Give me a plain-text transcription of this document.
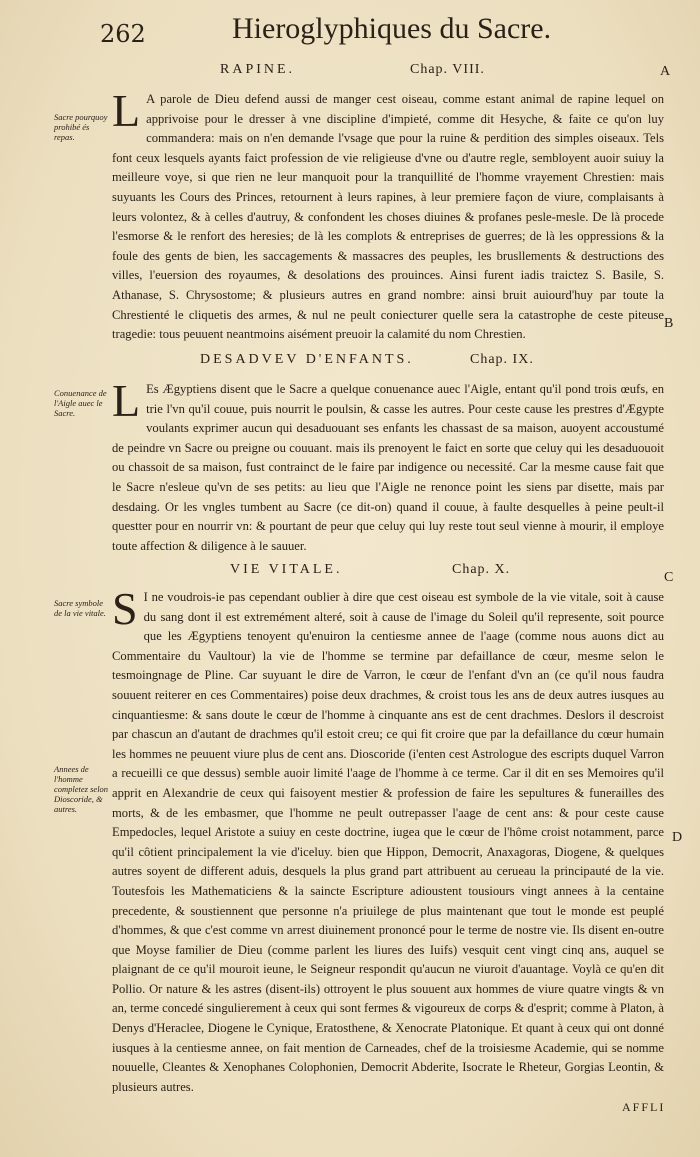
262	Hieroglyphiques du Sacre.
RAPINE.	Chap. VIII.	A
Sacre pourquoy prohibé és repas.
L A parole de Dieu defend aussi de manger cest oiseau, comme estant animal de rapine lequel on apprivoise pour le dresser à vne discipline d'impieté, comme dit Hesyche, & faite ce qu'on luy commandera: mais on n'en demande l'vsage que pour la ruine & perdition des simples oiseaux. Tels font ceux lesquels ayants faict profession de vie religieuse d'vne ou d'autre regle, sembloyent auoir suiuy la meilleure voye, si que rien ne leur manquoit pour la tranquillité de l'homme vrayement Chrestien: mais suyuants les Cours des Princes, retournent à leurs rapines, à leur premiere façon de viure, complaisants à leurs volontez, & à celles d'autruy, & confondent les choses diuines & profanes pesle-mesle. De là procede l'esmorse & le renfort des heresies; de là les complots & entreprises de guerres; de là les oppressions & la foule des gents de bien, les saccagements & massacres des peuples, les brusllements & destructions des villes, l'euersion des royaumes, & desolations des prouinces. Ainsi furent iadis traictez S. Basile, S. Athanase, S. Chrysostome; & plusieurs autres en grand nombre: ainsi bruit auiourd'huy par toute la Chrestienté le cliquetis des armes, & nul ne peult coniecturer quelle sera la catastrophe de ceste piteuse tragedie: tous peuuent neantmoins aisément preuoir la calamité du nom Chrestien.

B
DESADVEV D'ENFANTS.	Chap. IX.
Conuenance de l'Aigle auec le Sacre. L Es Ægyptiens disent que le Sacre a quelque conuenance auec l'Aigle, entant qu'il pond trois œufs, en trie l'vn qu'il couue, puis nourrit le poulsin, & casse les autres. Pour ceste cause les prestres d'Ægypte voulants exprimer aucun qui desaduouant ses enfants les chassast de sa maison, auoyent accoustumé de peindre vn Sacre ou preigne ou couuant. mais ils prenoyent le faict en sorte que celuy qui les desaduouoit ou chassoit de sa maison, fust contrainct de le faire par indigence ou necessité. Car la mesme cause fait que le Sacre n'esleue qu'vn de ses petits: au lieu que l'Aigle ne renonce point les siens par disette, mais par desdaing. Or les vngles tumbent au Sacre (ce dit-on) quand il couue, à faulte desquelles à peine peult-il questter pour en nourrir vn: & pourtant de peur que celuy qui luy reste tout seul vienne à mourir, il employe toute affection & diligence à le sauuer.

VIE VITALE.	Chap. X.
C
Sacre symbole de la vie vitale.
Annees de l'homme completez selon Dioscoride, & autres.
S I ne voudrois-ie pas cependant oublier à dire que cest oiseau est symbole de la vie vitale, soit à cause du sang dont il est extremément alteré, soit à cause de l'image du Soleil qu'il represente, soit pource que les Ægyptiens tenoyent qu'enuiron la centiesme annee de l'aage (comme nous auons dict au Commentaire du Vaultour) la vie de l'homme se termine par defaillance de cœur, mesme selon le tesmoingnage de Pline. Car suyuant le dire de Varron, le cœur de l'enfant d'vn an (ce qu'il nous faudra souuent reiterer en ces Commentaires) poise deux drachmes, & croist tous les ans de deux autres iusques au cinquantiesme: & sans doute le cœur de l'homme à cinquante ans est de cent drachmes. Deslors il descroist par chascun an d'autant de drachmes qu'il estoit creu; ce qui fit croire que par la defaillance du cœur humain les hommes ne peuuent viure plus de cent ans. Dioscoride (i'enten cest Astrologue des escripts duquel Varron a recueilli ce que dessus) semble auoir limité l'aage de l'homme à ce terme. Car il dit en ses Memoires qu'il apprit en Alexandrie de ceux qui faisoyent mestier & profession de faire les sepultures & funerailles des morts, & de les embasmer, que l'homme ne peult outrepasser l'aage de cent ans: & pour ceste cause Empedocles, lequel Aristote a suiuy en ceste doctrine, iugea que le cœur de l'hôme croist notamment, parce qu'il côtient principalement la vie d'iceluy. bien que Hippon, Democrit, Anaxagoras, Diogene, & quelques autres soyent de different aduis, desquels la plus grand part attribuent au cerueau la principauté de la vie. Toutesfois les Mathematiciens & la saincte Escripture adioustent tousiours vingt annees à la centaine precedente, & soustiennent que personne n'a priuilege de plus maintenant que tout le monde est peuplé d'hommes, & que c'est comme vn arrest diuinement prononcé pour le terme de nostre vie. Ils disent en-outre que Moyse familier de Dieu (comme parlent les liures des Iuifs) vesquit cent vingt cinq ans, auquel se plaignant de ce qu'il mouroit ieune, le Seigneur respondit qu'aucun ne viuroit d'auantage. Voylà ce qu'en dit Pollio. Or nature & les astres (disent-ils) ottroyent le plus souuent aux hommes de viure quatre vingts & vn an, terme concedé singulierement à ceux qui sont fermes & vigoureux de corps & d'esprit; comme à Platon, à Denys d'Heraclee, Diogene le Cynique, Eratosthene, & Xenocrate Platonique. Et quant à ceux qui ont donné iusques à la centiesme annee, on fait mention de Carneades, chef de la troisiesme Academie, qui se nomme nouuelle, Cleantes & Xenophanes Colophonien, Democrit Abderite, Isocrate le Rheteur, Gorgias Leontin, & plusieurs autres.

D
AFFLI
